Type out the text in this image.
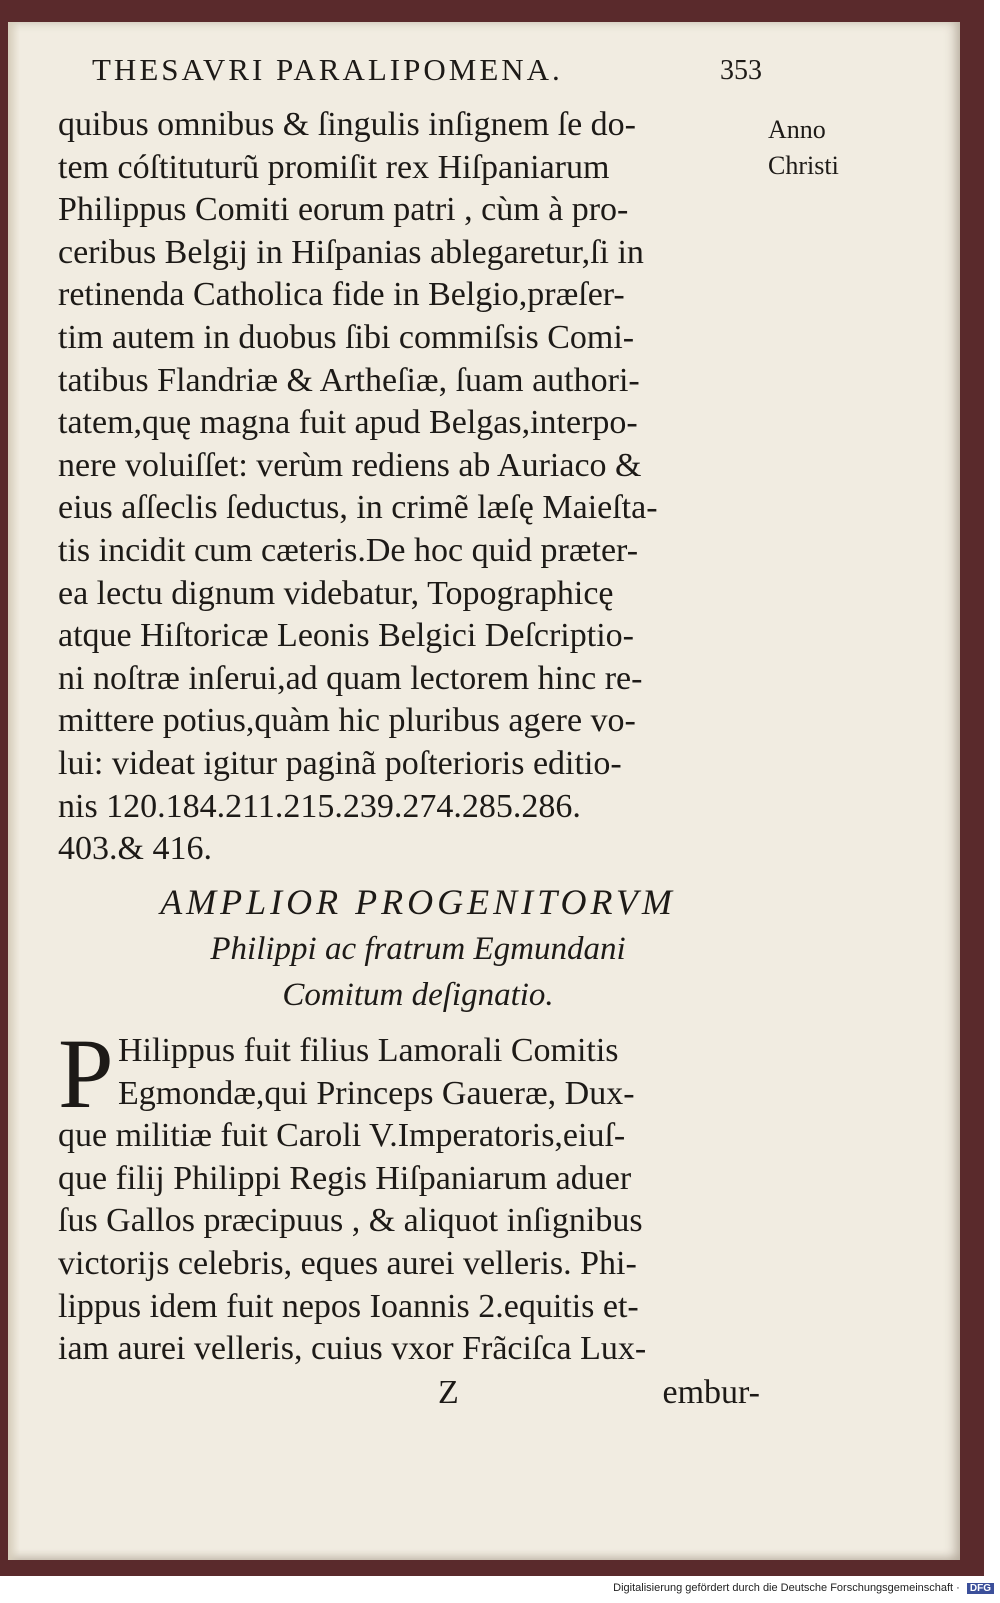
THESAVRI PARALIPOMENA.	353
Anno
Christi
quibus omnibus & ſingulis inſignem ſe do-
tem cóſtituturũ promiſit rex Hiſpaniarum
Philippus Comiti eorum patri , cùm à pro-
ceribus Belgij in Hiſpanias ablegaretur,ſi in
retinenda Catholica fide in Belgio,præſer-
tim autem in duobus ſibi commiſsis Comi-
tatibus Flandriæ & Artheſiæ, ſuam authori-
tatem,quę magna fuit apud Belgas,interpo-
nere voluiſſet: verùm rediens ab Auriaco &
eius aſſeclis ſeductus, in crimẽ læſę Maieſta-
tis incidit cum cæteris.De hoc quid præter-
ea lectu dignum videbatur, Topographicę
atque Hiſtoricæ Leonis Belgici Deſcriptio-
ni noſtræ inſerui,ad quam lectorem hinc re-
mittere potius,quàm hic pluribus agere vo-
lui: videat igitur paginã poſterioris editio-
nis 120.184.211.215.239.274.285.286.
403.& 416.
AMPLIOR PROGENITORVM
Philippi ac fratrum Egmundani
Comitum deſignatio.
P Hilippus fuit filius Lamorali Comitis
Egmondæ,qui Princeps Gaueræ, Dux-
que militiæ fuit Caroli V.Imperatoris,eiuſ-
que filij Philippi Regis Hiſpaniarum aduer
ſus Gallos præcipuus , & aliquot inſignibus
victorijs celebris, eques aurei velleris. Phi-
lippus idem fuit nepos Ioannis 2.equitis et-
iam aurei velleris, cuius vxor Frãciſca Lux-
Z	embur-
Digitalisierung gefördert durch die Deutsche Forschungsgemeinschaft · DFG
